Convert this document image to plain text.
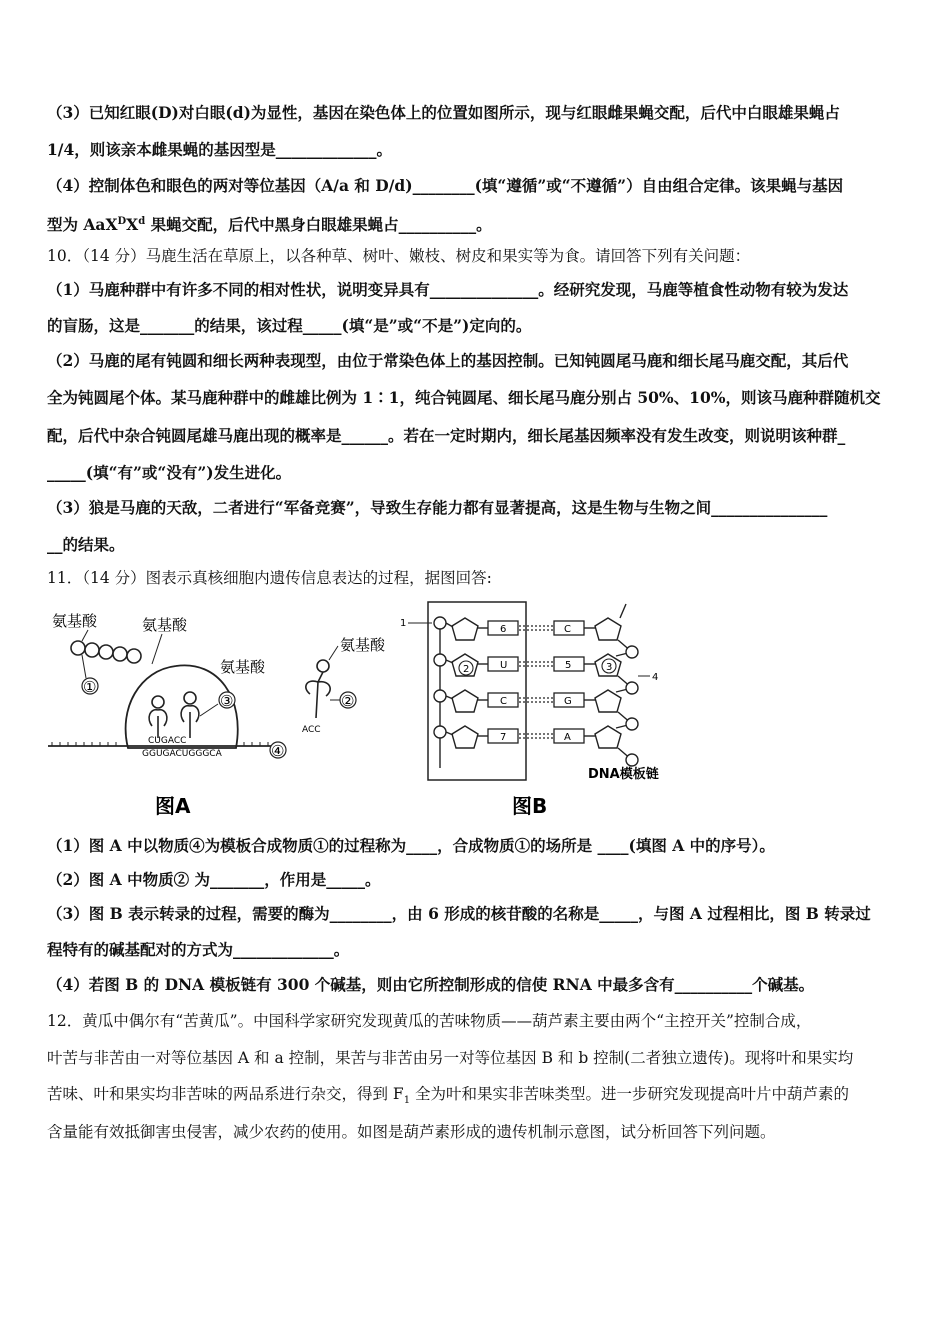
（3）已知红眼(D)对白眼(d)为显性，基因在染色体上的位置如图所示，现与红眼雌果蝇交配，后代中白眼雄果蝇占
1/4，则该亲本雌果蝇的基因型是_____________。
（4）控制体色和眼色的两对等位基因（A/a 和 D/d)________(填“遵循”或“不遵循”）自由组合定律。该果蝇与基因
型为 $AaX^DX^d$ 果蝇交配，后代中黑身白眼雄果蝇占__________。
10．（14 分）马鹿生活在草原上，以各种草、树叶、嫩枝、树皮和果实等为食。请回答下列有关问题：
（1）马鹿种群中有许多不同的相对性状，说明变异具有______________。经研究发现，马鹿等植食性动物有较为发达
的盲肠，这是_______的结果，该过程_____(填“是”或“不是”)定向的。
（2）马鹿的尾有钝圆和细长两种表现型，由位于常染色体上的基因控制。已知钝圆尾马鹿和细长尾马鹿交配，其后代
全为钝圆尾个体。某马鹿种群中的雌雄比例为 1∶1，纯合钝圆尾、细长尾马鹿分别占 50%、10%，则该马鹿种群随机交
配，后代中杂合钝圆尾雄马鹿出现的概率是______。若在一定时期内，细长尾基因频率没有发生改变，则说明该种群_
_____(填“有”或“没有”)发生进化。
（3）狼是马鹿的天敌，二者进行“军备竞赛”，导致生存能力都有显著提高，这是生物与生物之间_______________
__的结果。
11．（14 分）图表示真核细胞内遗传信息表达的过程，据图回答:
氨基酸	氨基酸
①
氨基酸
③
CUGACC
GGUGACUGGGCA	④
氨基酸
ACC
②
图A
1
2
6
U
C
7
C
5
G
A
3
4
DNA模板链
图B
（1）图 A 中以物质④为模板合成物质①的过程称为____，合成物质①的场所是 ____(填图 A 中的序号）。
（2）图 A 中物质② 为_______，作用是_____。
（3）图 B 表示转录的过程，需要的酶为________，由 6 形成的核苷酸的名称是_____，与图 A 过程相比，图 B 转录过
程特有的碱基配对的方式为_____________。
（4）若图 B 的 DNA 模板链有 300 个碱基，则由它所控制形成的信使 RNA 中最多含有__________个碱基。
12．黄瓜中偶尔有“苦黄瓜”。中国科学家研究发现黄瓜的苦味物质——葫芦素主要由两个“主控开关”控制合成，
叶苦与非苦由一对等位基因 A 和 a 控制，果苦与非苦由另一对等位基因 B 和 b 控制(二者独立遗传)。现将叶和果实均
苦味、叶和果实均非苦味的两品系进行杂交，得到 $F_1$ 全为叶和果实非苦味类型。进一步研究发现提高叶片中葫芦素的
含量能有效抵御害虫侵害，减少农药的使用。如图是葫芦素形成的遗传机制示意图，试分析回答下列问题。
